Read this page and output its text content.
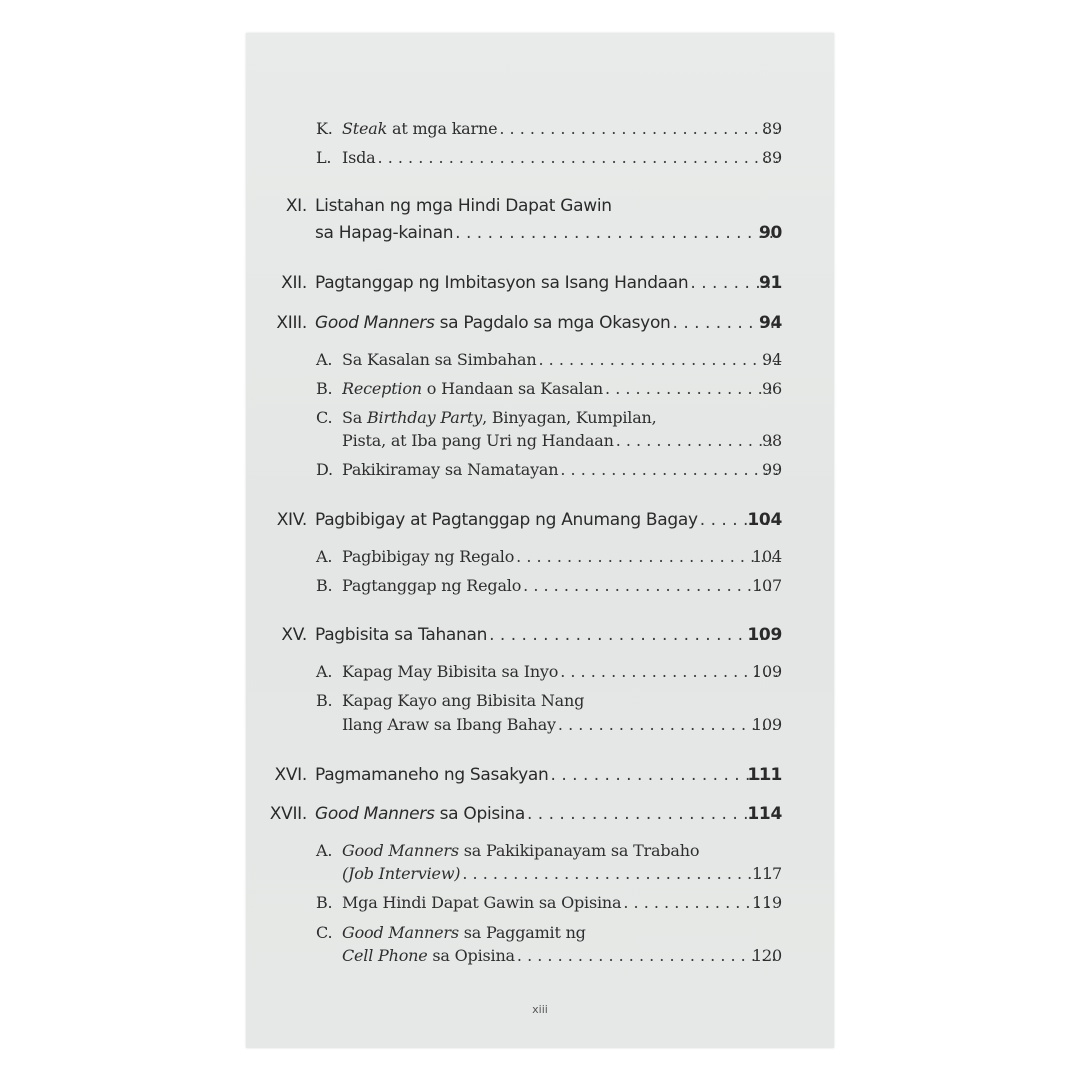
K. Steak at mga karne . . .	89
L. Isda . . .	89
XI. Listahan ng mga Hindi Dapat Gawin
sa Hapag-kainan . . .	90
XII. Pagtanggap ng Imbitasyon sa Isang Handaan . . .	91
XIII. Good Manners sa Pagdalo sa mga Okasyon . . .	94
A. Sa Kasalan sa Simbahan . . .	94
B. Reception o Handaan sa Kasalan . . .	96
C. Sa Birthday Party , Binyagan, Kumpilan,
Pista, at Iba pang Uri ng Handaan . . .	98
D. Pakikiramay sa Namatayan . . .	99
XIV. Pagbibigay at Pagtanggap ng Anumang Bagay . . .	104
A. Pagbibigay ng Regalo . . .	104
B. Pagtanggap ng Regalo . . .	107
XV. Pagbisita sa Tahanan . . .	109
A. Kapag May Bibisita sa Inyo . . .	109
B. Kapag Kayo ang Bibisita Nang
Ilang Araw sa Ibang Bahay . . .	109
XVI. Pagmamaneho ng Sasakyan . . .	111
XVII. Good Manners sa Opisina . . .	114
A. Good Manners sa Pakikipanayam sa Trabaho
(Job Interview) . . .	117
B. Mga Hindi Dapat Gawin sa Opisina . . .	119
C. Good Manners sa Paggamit ng
Cell Phone sa Opisina . . .	120
xiii
